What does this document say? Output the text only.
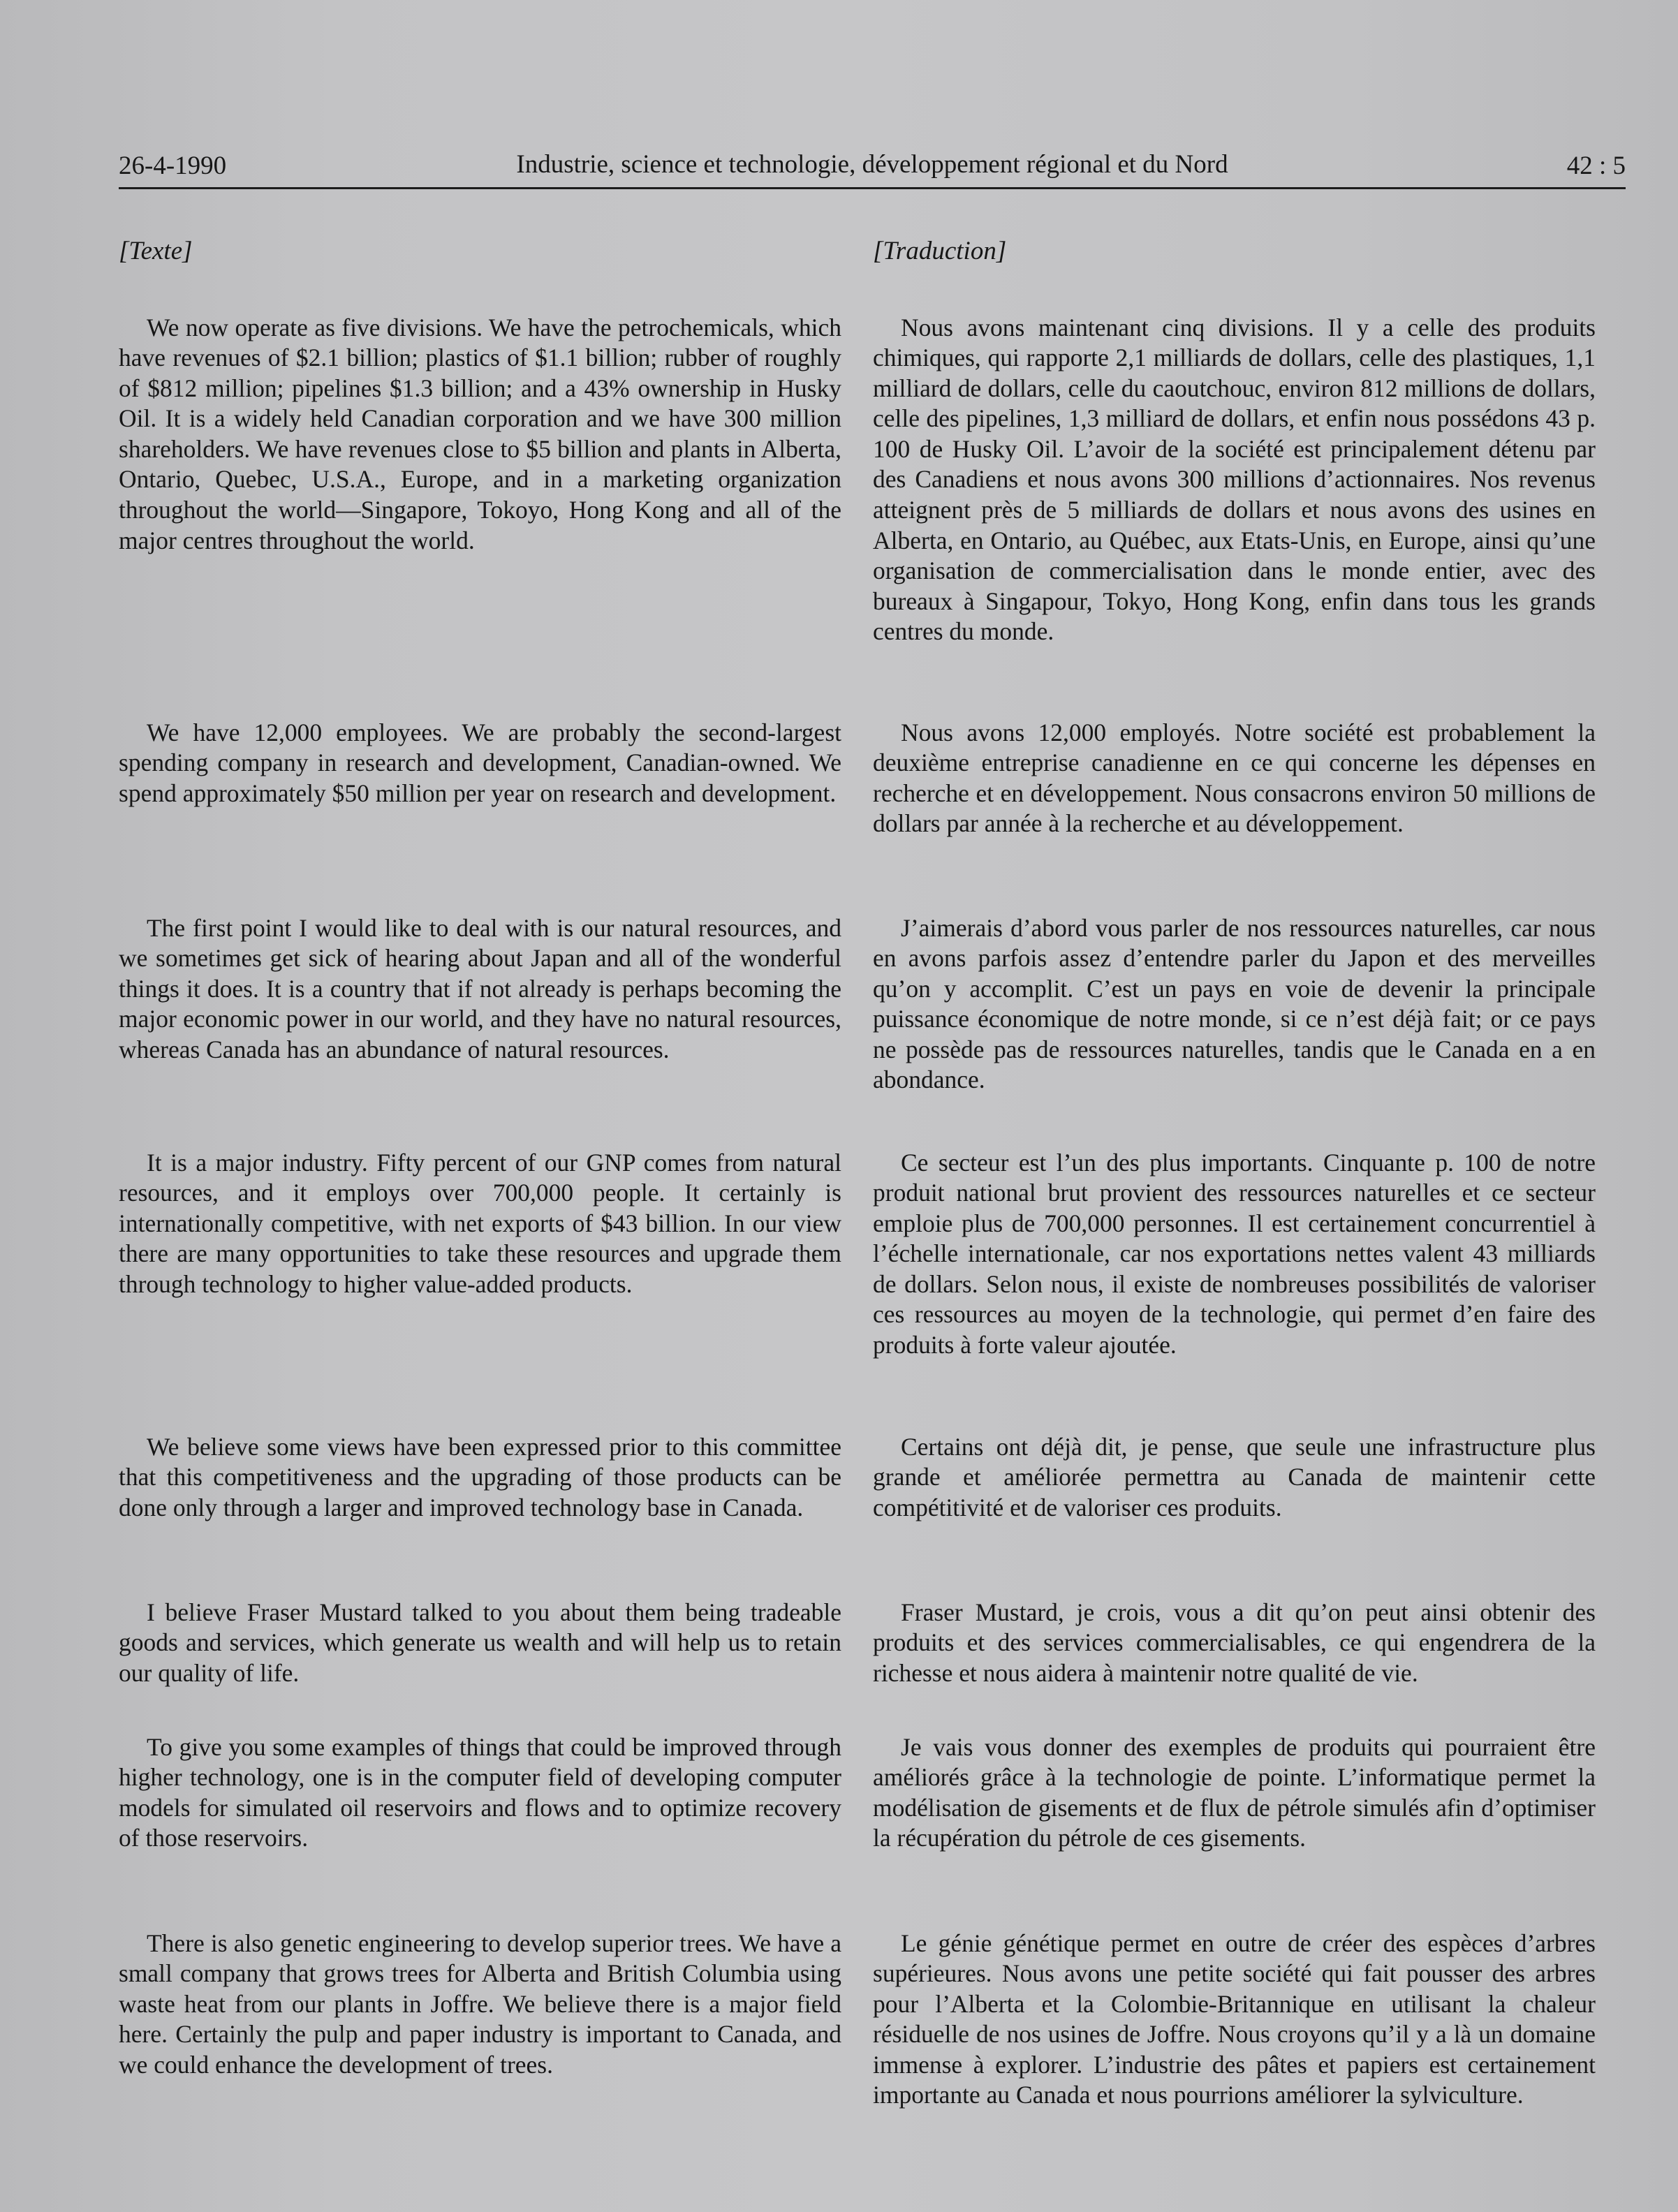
26-4-1990	Industrie, science et technologie, développement régional et du Nord	42 : 5
[Texte]

We now operate as five divisions. We have the petrochemicals, which have revenues of $2.1 billion; plastics of $1.1 billion; rubber of roughly of $812 million; pipelines $1.3 billion; and a 43% ownership in Husky Oil. It is a widely held Canadian corporation and we have 300 million shareholders. We have revenues close to $5 billion and plants in Alberta, Ontario, Quebec, U.S.A., Europe, and in a marketing organization throughout the world—Singapore, Tokoyo, Hong Kong and all of the major centres throughout the world.

We have 12,000 employees. We are probably the second-largest spending company in research and development, Canadian-owned. We spend approximately $50 million per year on research and development.

The first point I would like to deal with is our natural resources, and we sometimes get sick of hearing about Japan and all of the wonderful things it does. It is a country that if not already is perhaps becoming the major economic power in our world, and they have no natural resources, whereas Canada has an abundance of natural resources.

It is a major industry. Fifty percent of our GNP comes from natural resources, and it employs over 700,000 people. It certainly is internationally competitive, with net exports of $43 billion. In our view there are many opportunities to take these resources and upgrade them through technology to higher value-added products.

We believe some views have been expressed prior to this committee that this competitiveness and the upgrading of those products can be done only through a larger and improved technology base in Canada.

I believe Fraser Mustard talked to you about them being tradeable goods and services, which generate us wealth and will help us to retain our quality of life.

To give you some examples of things that could be improved through higher technology, one is in the computer field of developing computer models for simulated oil reservoirs and flows and to optimize recovery of those reservoirs.

There is also genetic engineering to develop superior trees. We have a small company that grows trees for Alberta and British Columbia using waste heat from our plants in Joffre. We believe there is a major field here. Certainly the pulp and paper industry is important to Canada, and we could enhance the development of trees.

[Traduction]

Nous avons maintenant cinq divisions. Il y a celle des produits chimiques, qui rapporte 2,1 milliards de dollars, celle des plastiques, 1,1 milliard de dollars, celle du caoutchouc, environ 812 millions de dollars, celle des pipelines, 1,3 milliard de dollars, et enfin nous possédons 43 p. 100 de Husky Oil. L’avoir de la société est principalement détenu par des Canadiens et nous avons 300 millions d’actionnaires. Nos revenus atteignent près de 5 milliards de dollars et nous avons des usines en Alberta, en Ontario, au Québec, aux Etats-Unis, en Europe, ainsi qu’une organisation de commercialisation dans le monde entier, avec des bureaux à Singapour, Tokyo, Hong Kong, enfin dans tous les grands centres du monde.

Nous avons 12,000 employés. Notre société est probablement la deuxième entreprise canadienne en ce qui concerne les dépenses en recherche et en développement. Nous consacrons environ 50 millions de dollars par année à la recherche et au développement.

J’aimerais d’abord vous parler de nos ressources naturelles, car nous en avons parfois assez d’entendre parler du Japon et des merveilles qu’on y accomplit. C’est un pays en voie de devenir la principale puissance économique de notre monde, si ce n’est déjà fait; or ce pays ne possède pas de ressources naturelles, tandis que le Canada en a en abondance.

Ce secteur est l’un des plus importants. Cinquante p. 100 de notre produit national brut provient des ressources naturelles et ce secteur emploie plus de 700,000 personnes. Il est certainement concurrentiel à l’échelle internationale, car nos exportations nettes valent 43 milliards de dollars. Selon nous, il existe de nombreuses possibilités de valoriser ces ressources au moyen de la technologie, qui permet d’en faire des produits à forte valeur ajoutée.

Certains ont déjà dit, je pense, que seule une infrastructure plus grande et améliorée permettra au Canada de maintenir cette compétitivité et de valoriser ces produits.

Fraser Mustard, je crois, vous a dit qu’on peut ainsi obtenir des produits et des services commercialisables, ce qui engendrera de la richesse et nous aidera à maintenir notre qualité de vie.

Je vais vous donner des exemples de produits qui pourraient être améliorés grâce à la technologie de pointe. L’informatique permet la modélisation de gisements et de flux de pétrole simulés afin d’optimiser la récupération du pétrole de ces gisements.

Le génie génétique permet en outre de créer des espèces d’arbres supérieures. Nous avons une petite société qui fait pousser des arbres pour l’Alberta et la Colombie-Britannique en utilisant la chaleur résiduelle de nos usines de Joffre. Nous croyons qu’il y a là un domaine immense à explorer. L’industrie des pâtes et papiers est certainement importante au Canada et nous pourrions améliorer la sylviculture.
